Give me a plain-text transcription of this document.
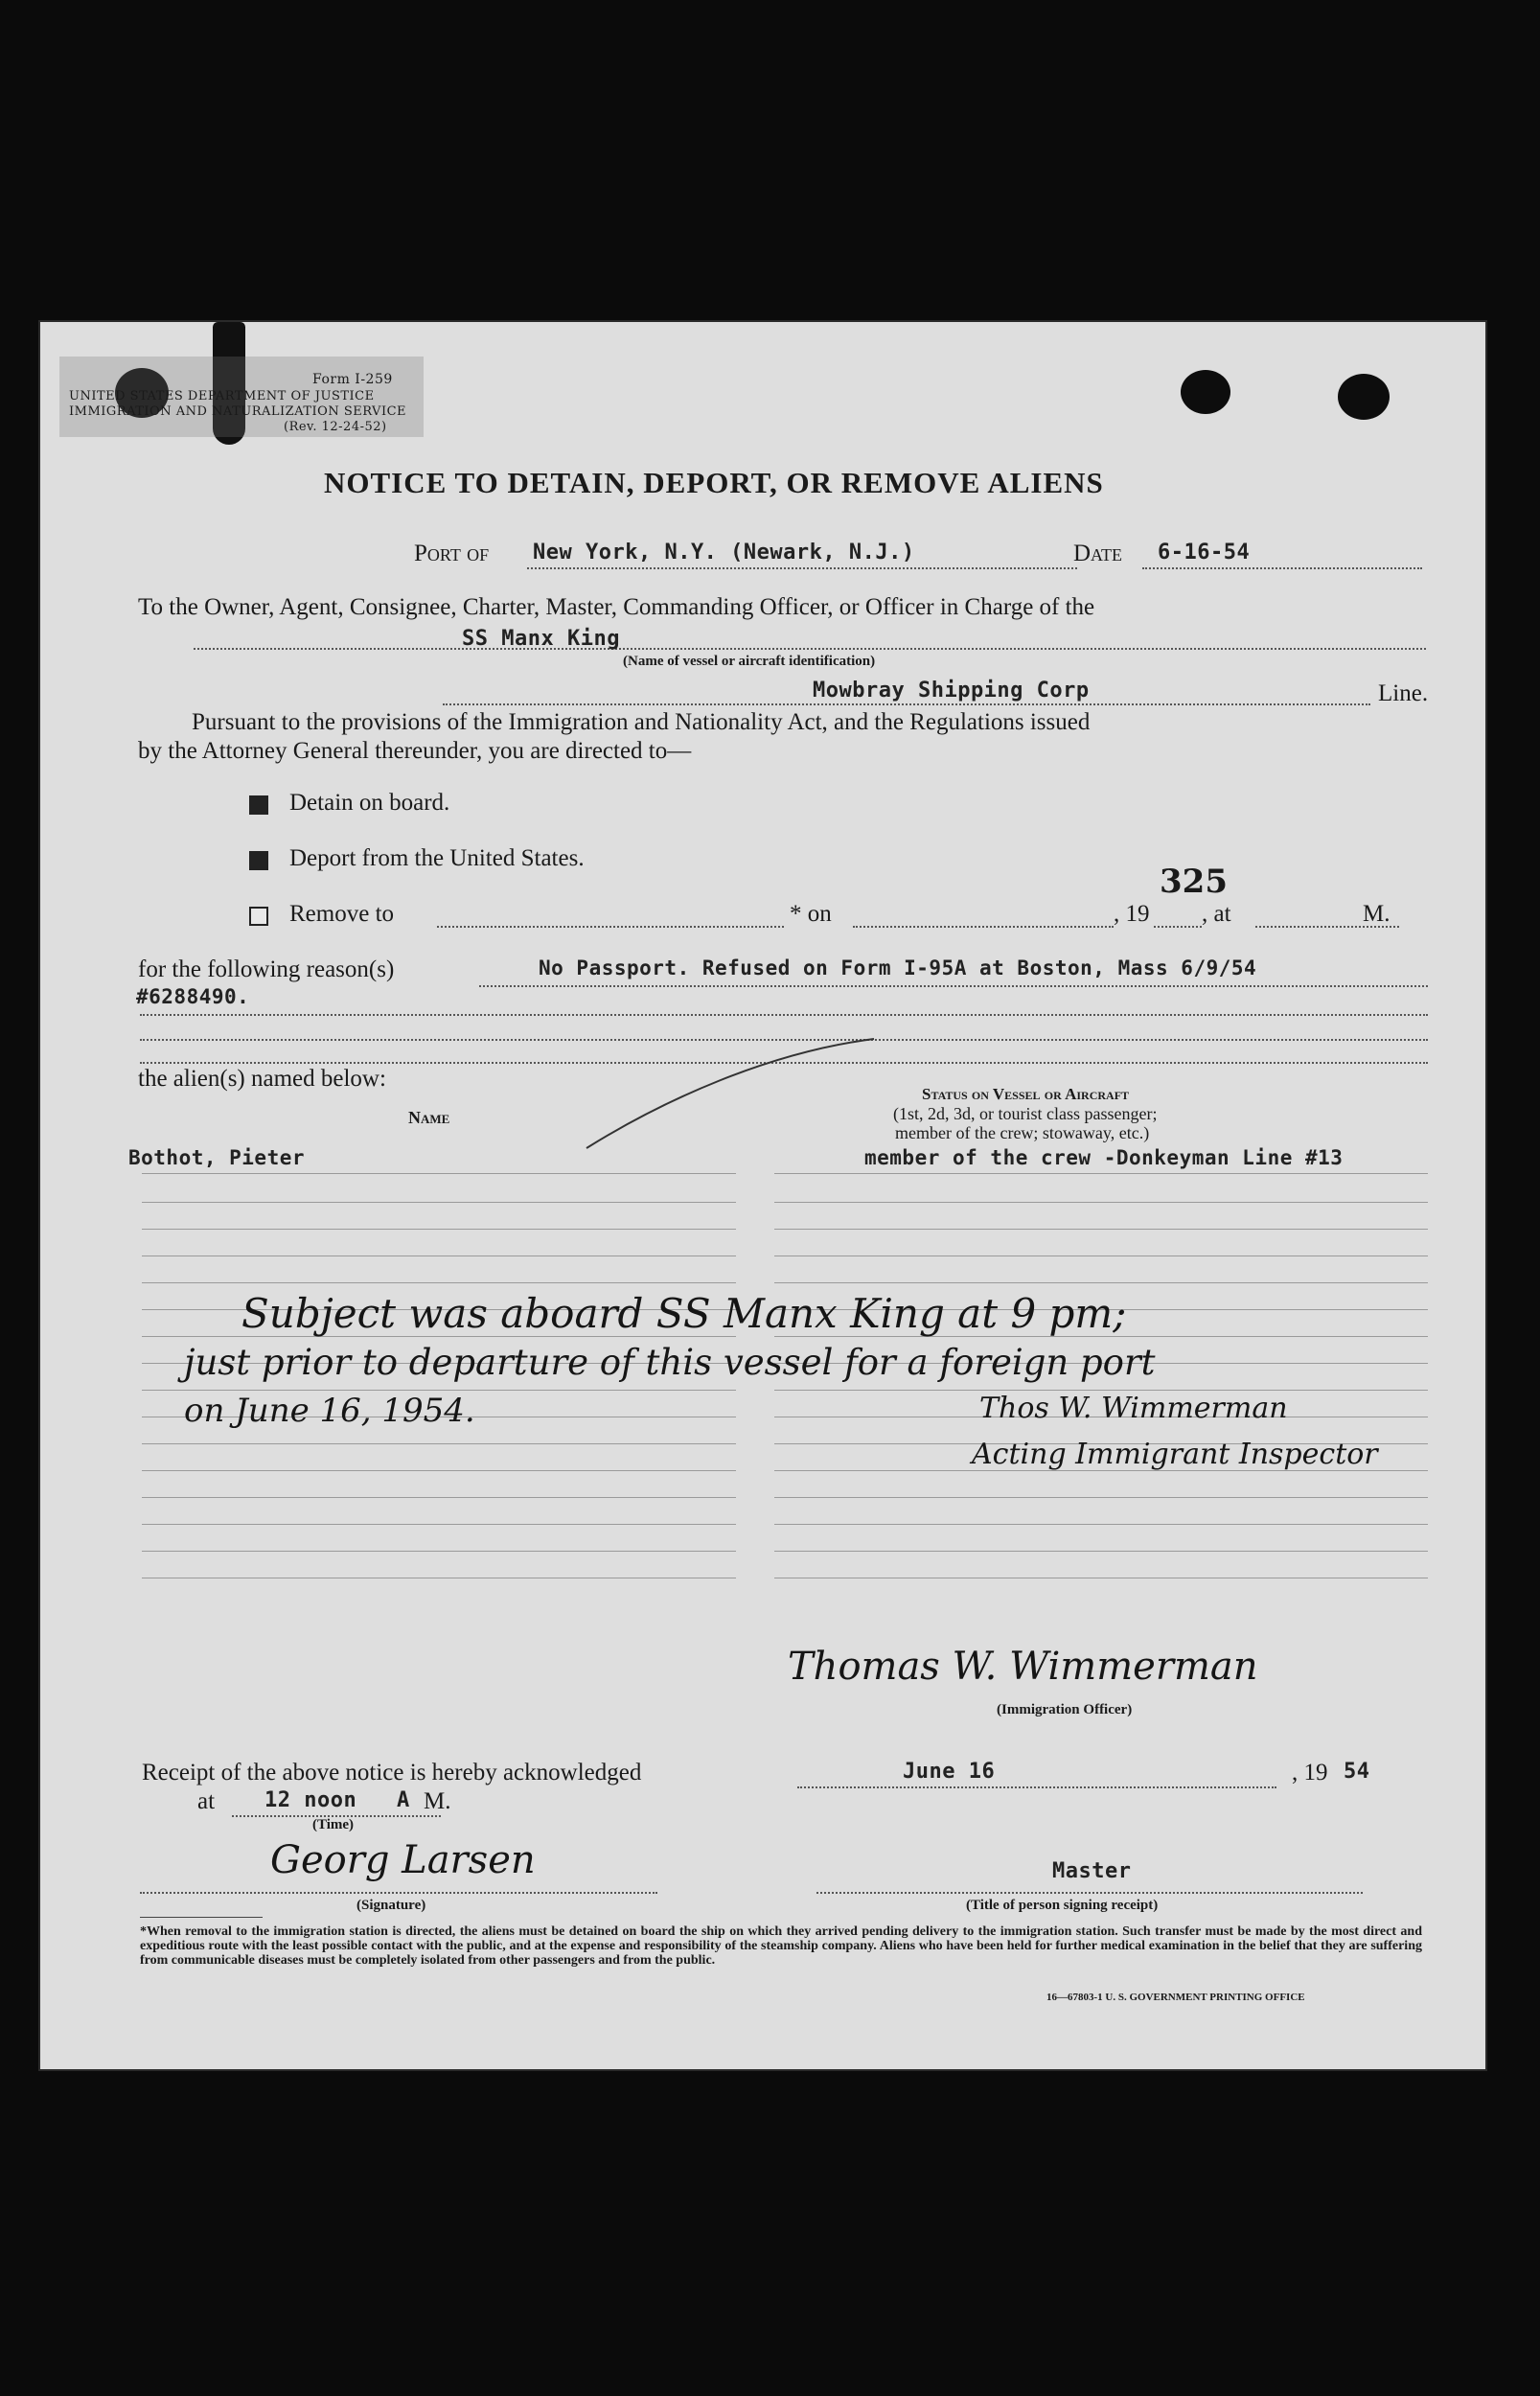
Form I-259
UNITED STATES DEPARTMENT OF JUSTICE
IMMIGRATION AND NATURALIZATION SERVICE
(Rev. 12-24-52)
NOTICE TO DETAIN, DEPORT, OR REMOVE ALIENS
Port of New York, N.Y. (Newark, N.J.)	Date 6-16-54
To the Owner, Agent, Consignee, Charter, Master, Commanding Officer, or Officer in Charge of the
SS Manx King
(Name of vessel or aircraft identification)
Mowbray Shipping Corp	Line.
Pursuant to the provisions of the Immigration and Nationality Act, and the Regulations issued
by the Attorney General thereunder, you are directed to—
Detain on board.
Deport from the United States.
325
Remove to	* on	, 19 , at	M.
for the following reason(s)	No Passport. Refused on Form I-95A at Boston, Mass 6/9/54
#6288490.
the alien(s) named below:
Name
Status on Vessel or Aircraft
(1st, 2d, 3d, or tourist class passenger;
member of the crew; stowaway, etc.)
Bothot, Pieter	member of the crew -Donkeyman Line #13
Subject was aboard SS Manx King at 9 pm;
just prior to departure of this vessel for a foreign port
on June 16, 1954.	Thos W. Wimmerman
Acting Immigrant Inspector
Thomas W. Wimmerman
(Immigration Officer)
Receipt of the above notice is hereby acknowledged	June 16	, 19 54
at 12 noon A M.
(Time)
Georg Larsen
(Signature)
Master
(Title of person signing receipt)
*When removal to the immigration station is directed, the aliens must be detained on board the ship on which they arrived pending delivery to the immigration station. Such transfer must be made by the most direct and expeditious route with the least possible contact with the public, and at the expense and responsibility of the steamship company. Aliens who have been held for further medical examination in the belief that they are suffering from communicable diseases must be completely isolated from other passengers and from the public.
16—67803-1 U. S. GOVERNMENT PRINTING OFFICE
